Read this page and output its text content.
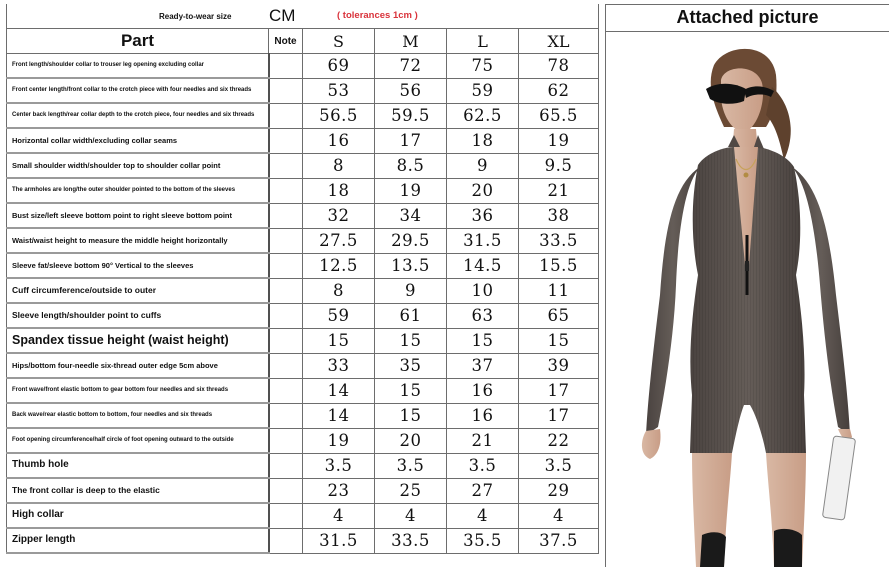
Ready-to-wear size CM ( tolerances 1cm )					

Part	Note	S	M	L	XL
Front length/shoulder collar to trouser leg opening excluding collar		69	72	75	78
Front center length/front collar to the crotch piece with four needles and six threads		53	56	59	62
Center back length/rear collar depth to the crotch piece, four needles and six threads		56.5	59.5	62.5	65.5
Horizontal collar width/excluding collar seams		16	17	18	19
Small shoulder width/shoulder top to shoulder collar point		8	8.5	9	9.5
The armholes are long/the outer shoulder pointed to the bottom of the sleeves		18	19	20	21
Bust size/left sleeve bottom point to right sleeve bottom point		32	34	36	38
Waist/waist height to measure the middle height horizontally		27.5	29.5	31.5	33.5
Sleeve fat/sleeve bottom 90° Vertical to the sleeves		12.5	13.5	14.5	15.5
Cuff circumference/outside to outer		8	9	10	11
Sleeve length/shoulder point to cuffs		59	61	63	65
Spandex tissue height (waist height)		15	15	15	15
Hips/bottom four-needle six-thread outer edge 5cm above		33	35	37	39
Front wave/front elastic bottom to gear bottom four needles and six threads		14	15	16	17
Back wave/rear elastic bottom to bottom, four needles and six threads		14	15	16	17
Foot opening circumference/half circle of foot opening outward to the outside		19	20	21	22
Thumb hole		3.5	3.5	3.5	3.5
The front collar is deep to the elastic		23	25	27	29
High collar		4	4	4	4
Zipper length		31.5	33.5	35.5	37.5
Attached picture
